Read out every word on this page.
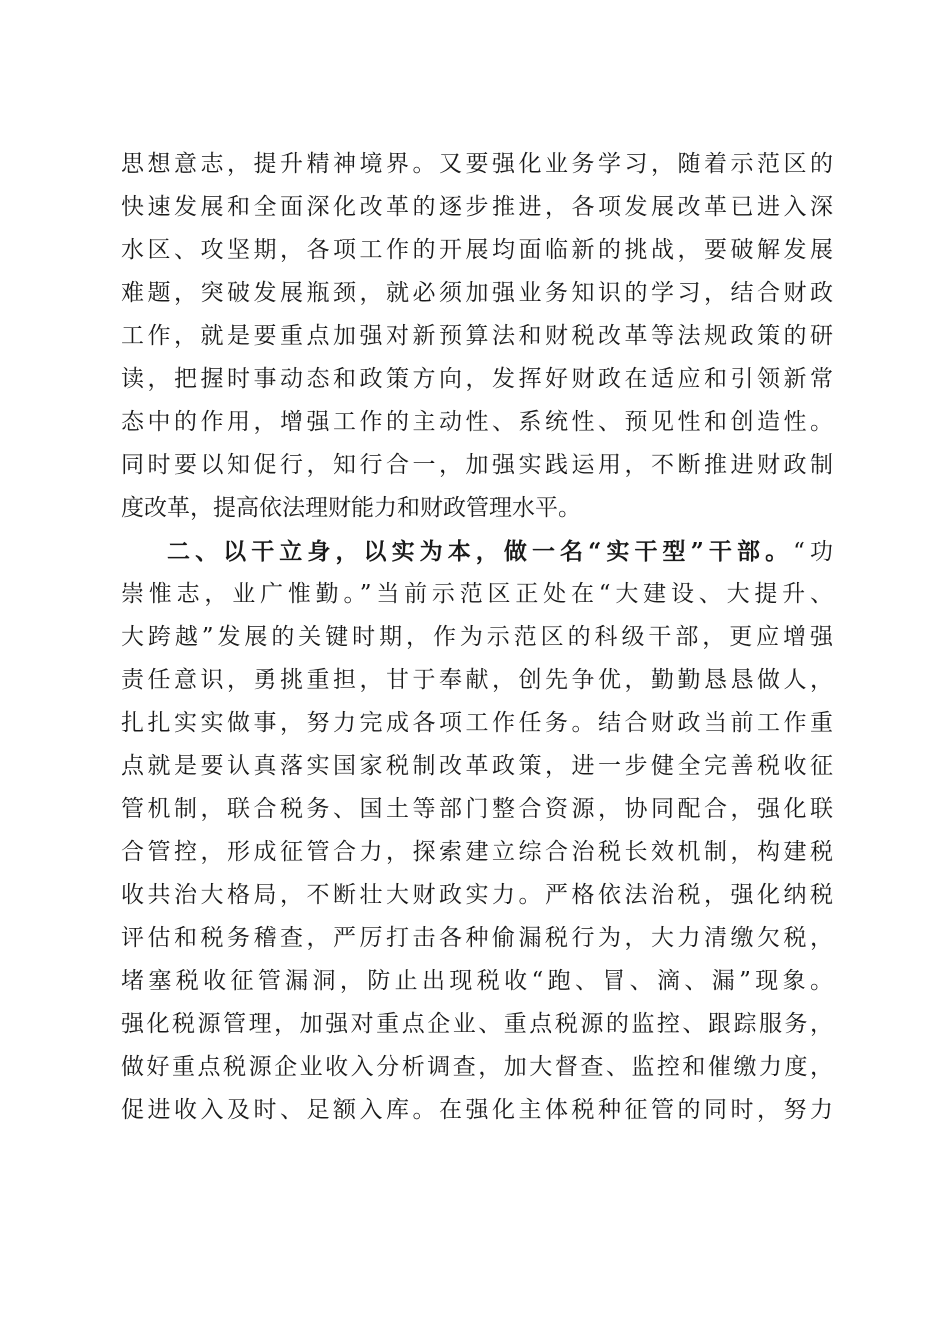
思想意志，提升精神境界。又要强化业务学习，随着示范区的
快速发展和全面深化改革的逐步推进，各项发展改革已进入深
水区、攻坚期，各项工作的开展均面临新的挑战，要破解发展
难题，突破发展瓶颈，就必须加强业务知识的学习，结合财政
工作，就是要重点加强对新预算法和财税改革等法规政策的研
读，把握时事动态和政策方向，发挥好财政在适应和引领新常
态中的作用，增强工作的主动性、系统性、预见性和创造性。
同时要以知促行，知行合一，加强实践运用，不断推进财政制
度改革，提高依法理财能力和财政管理水平。
二、以干立身，以实为本，做一名“实干型”干部。“功
崇惟志，业广惟勤。”当前示范区正处在“大建设、大提升、
大跨越”发展的关键时期，作为示范区的科级干部，更应增强
责任意识，勇挑重担，甘于奉献，创先争优，勤勤恳恳做人，
扎扎实实做事，努力完成各项工作任务。结合财政当前工作重
点就是要认真落实国家税制改革政策，进一步健全完善税收征
管机制，联合税务、国土等部门整合资源，协同配合，强化联
合管控，形成征管合力，探索建立综合治税长效机制，构建税
收共治大格局，不断壮大财政实力。严格依法治税，强化纳税
评估和税务稽查，严厉打击各种偷漏税行为，大力清缴欠税，
堵塞税收征管漏洞，防止出现税收“跑、冒、滴、漏”现象。
强化税源管理，加强对重点企业、重点税源的监控、跟踪服务，
做好重点税源企业收入分析调查，加大督查、监控和催缴力度，
促进收入及时、足额入库。在强化主体税种征管的同时，努力
